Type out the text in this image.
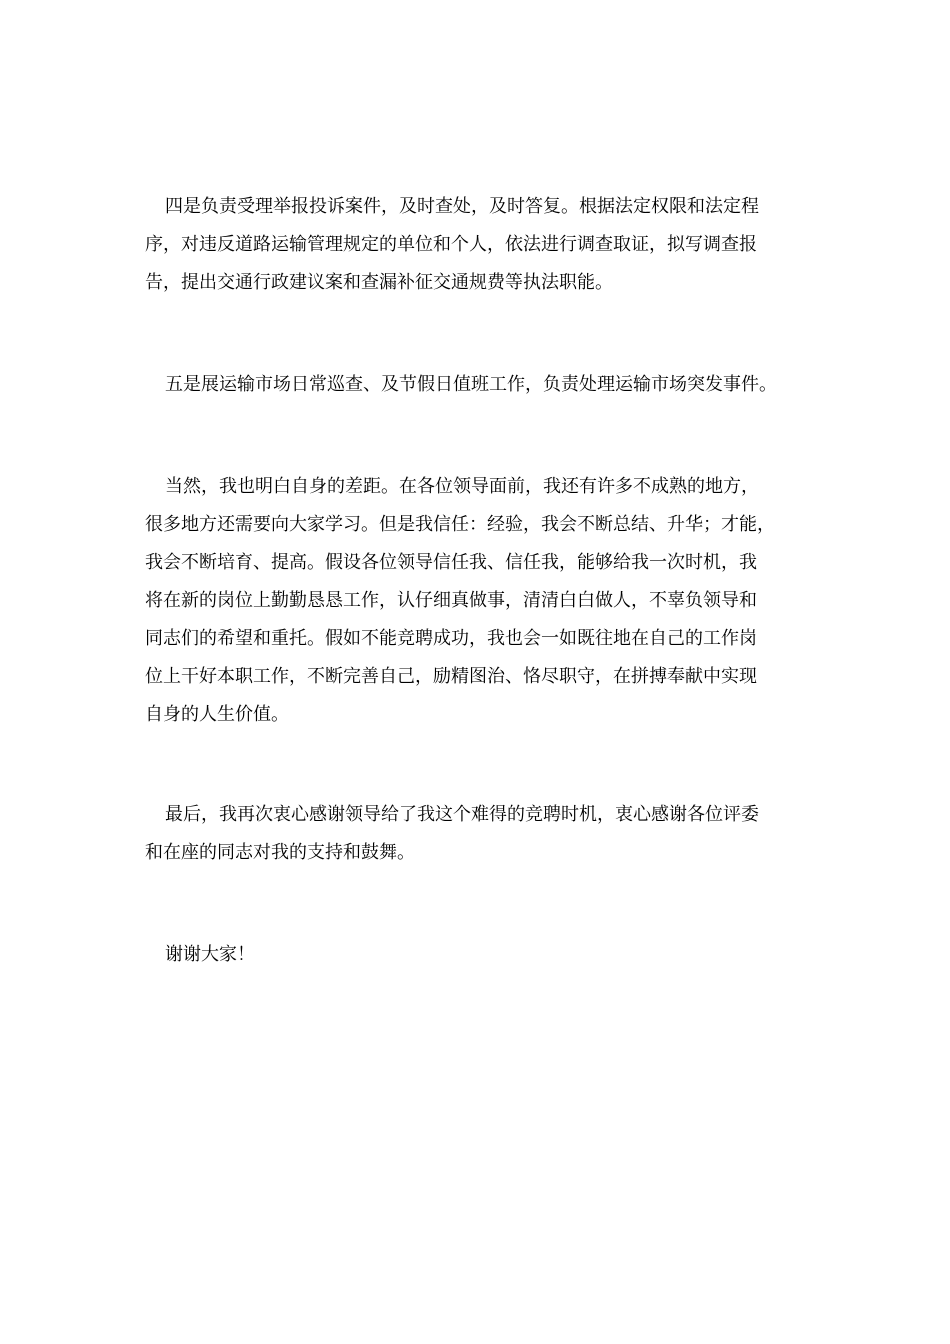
四是负责受理举报投诉案件，及时查处，及时答复。根据法定权限和法定程
序，对违反道路运输管理规定的单位和个人，依法进行调查取证，拟写调查报
告，提出交通行政建议案和查漏补征交通规费等执法职能。
五是展运输市场日常巡查、及节假日值班工作，负责处理运输市场突发事件。
当然，我也明白自身的差距。在各位领导面前，我还有许多不成熟的地方，
很多地方还需要向大家学习。但是我信任：经验，我会不断总结、升华；才能，
我会不断培育、提高。假设各位领导信任我、信任我，能够给我一次时机，我
将在新的岗位上勤勤恳恳工作，认仔细真做事，清清白白做人，不辜负领导和
同志们的希望和重托。假如不能竞聘成功，我也会一如既往地在自己的工作岗
位上干好本职工作，不断完善自己，励精图治、恪尽职守，在拼搏奉献中实现
自身的人生价值。
最后，我再次衷心感谢领导给了我这个难得的竞聘时机，衷心感谢各位评委
和在座的同志对我的支持和鼓舞。
谢谢大家！
